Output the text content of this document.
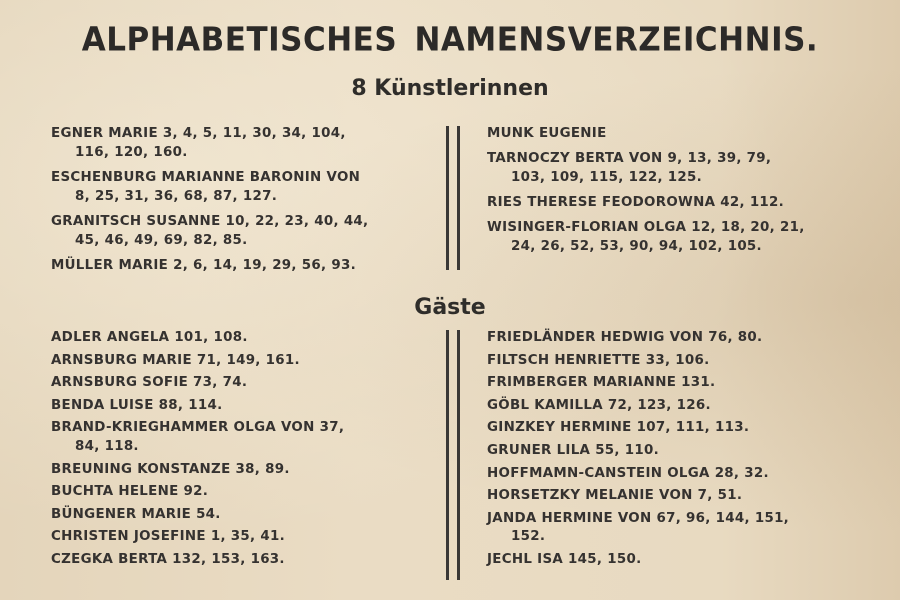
ALPHABETISCHES NAMENSVERZEICHNIS.
8 Künstlerinnen
EGNER MARIE 3, 4, 5, 11, 30, 34, 104,
116, 120, 160.
ESCHENBURG MARIANNE BARONIN VON
8, 25, 31, 36, 68, 87, 127.
GRANITSCH SUSANNE 10, 22, 23, 40, 44,
45, 46, 49, 69, 82, 85.
MÜLLER MARIE 2, 6, 14, 19, 29, 56, 93.
MUNK EUGENIE
TARNOCZY BERTA VON 9, 13, 39, 79,
103, 109, 115, 122, 125.
RIES THERESE FEODOROWNA 42, 112.
WISINGER-FLORIAN OLGA 12, 18, 20, 21,
24, 26, 52, 53, 90, 94, 102, 105.
Gäste
ADLER ANGELA 101, 108.
ARNSBURG MARIE 71, 149, 161.
ARNSBURG SOFIE 73, 74.
BENDA LUISE 88, 114.
BRAND-KRIEGHAMMER OLGA VON 37,
84, 118.
BREUNING KONSTANZE 38, 89.
BUCHTA HELENE 92.
BÜNGENER MARIE 54.
CHRISTEN JOSEFINE 1, 35, 41.
CZEGKA BERTA 132, 153, 163.
FRIEDLÄNDER HEDWIG VON 76, 80.
FILTSCH HENRIETTE 33, 106.
FRIMBERGER MARIANNE 131.
GÖBL KAMILLA 72, 123, 126.
GINZKEY HERMINE 107, 111, 113.
GRUNER LILA 55, 110.
HOFFMAMN-CANSTEIN OLGA 28, 32.
HORSETZKY MELANIE VON 7, 51.
JANDA HERMINE VON 67, 96, 144, 151,
152.
JECHL ISA 145, 150.
